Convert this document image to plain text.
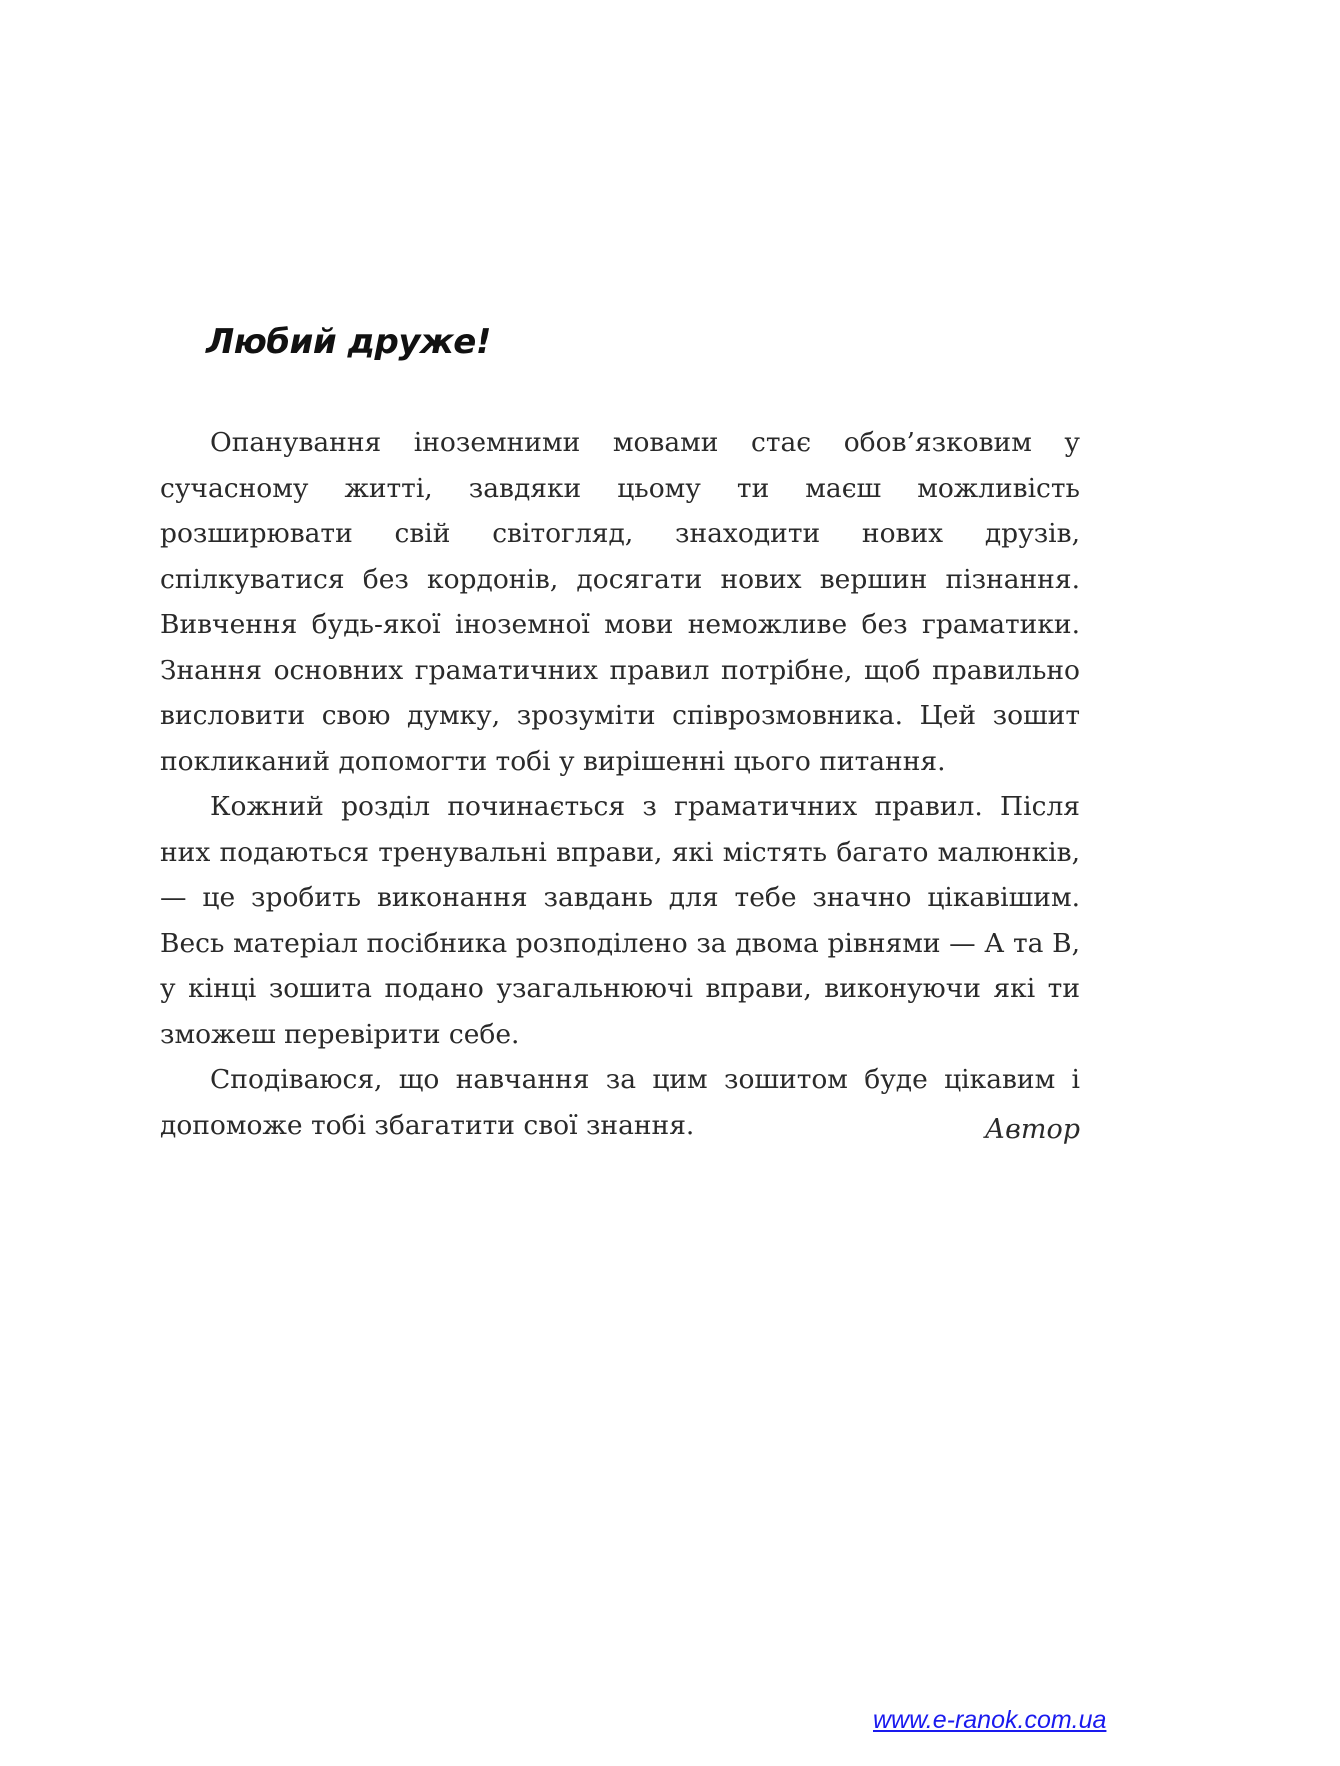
Любий друже!

Опанування іноземними мовами стає обов’язковим у сучасному житті, завдяки цьому ти маєш можливість розширювати свій світогляд, знаходити нових друзів, спілкуватися без кордонів, досягати нових вершин пізнання. Вивчення будь-якої іноземної мови неможливе без граматики. Знання основних граматичних правил потрібне, щоб правильно висловити свою думку, зрозуміти співрозмовника. Цей зошит покликаний допомогти тобі у вирішенні цього питання.

Кожний розділ починається з граматичних правил. Після них подаються тренувальні вправи, які містять багато малюнків,— це зробить виконання завдань для тебе значно цікавішим. Весь матеріал посібника розподілено за двома рівнями — А та В, у кінці зошита подано узагальнюючі вправи, виконуючи які ти зможеш перевірити себе.

Сподіваюся, що навчання за цим зошитом буде цікавим і допоможе тобі збагатити свої знання.	Автор
www.e-ranok.com.ua
